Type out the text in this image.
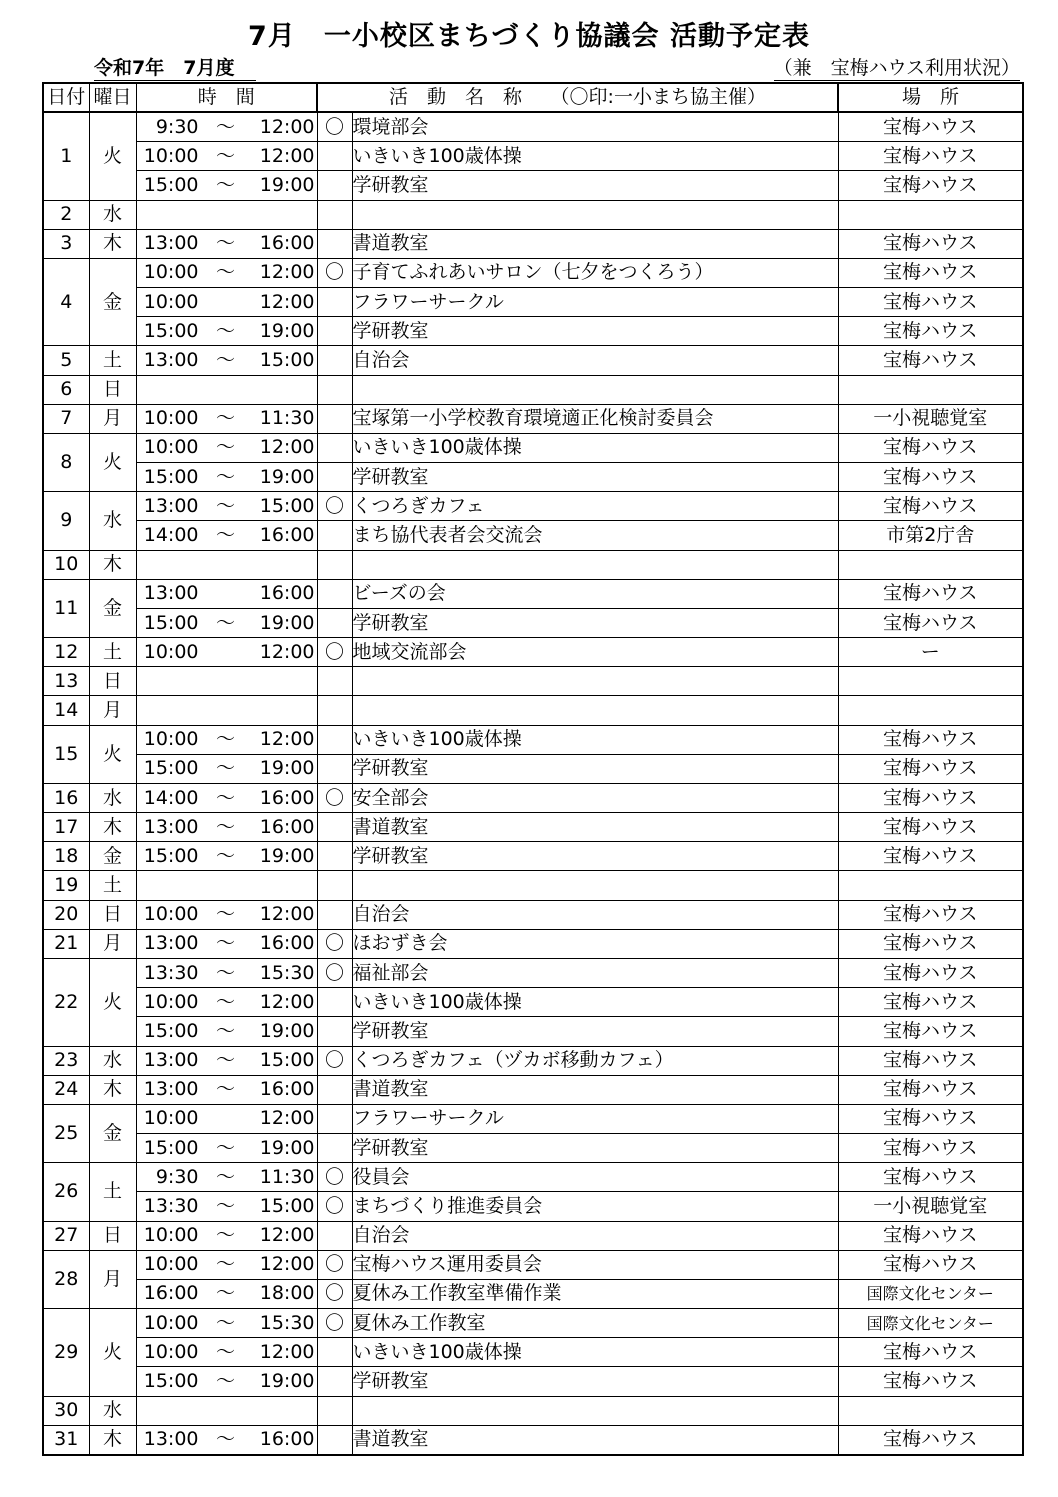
7月　一小校区まちづくり協議会 活動予定表
令和7年　7月度	（兼　宝梅ハウス利用状況）
日付	曜日	時　間	活　動　名　称　　（〇印:一小まち協主催）		場　所
1	火	9:30 ～ 12:00	〇	環境部会	宝梅ハウス
		10:00 ～ 12:00		いきいき100歳体操	宝梅ハウス
		15:00 ～ 19:00		学研教室	宝梅ハウス
2	水				
3	木	13:00 ～ 16:00		書道教室	宝梅ハウス
4	金	10:00 ～ 12:00	〇	子育てふれあいサロン（七夕をつくろう）	宝梅ハウス
		10:00 12:00		フラワーサークル	宝梅ハウス
		15:00 ～ 19:00		学研教室	宝梅ハウス
5	土	13:00 ～ 15:00		自治会	宝梅ハウス
6	日				
7	月	10:00 ～ 11:30		宝塚第一小学校教育環境適正化検討委員会	一小視聴覚室
8	火	10:00 ～ 12:00		いきいき100歳体操	宝梅ハウス
		15:00 ～ 19:00		学研教室	宝梅ハウス
9	水	13:00 ～ 15:00	〇	くつろぎカフェ	宝梅ハウス
		14:00 ～ 16:00		まち協代表者会交流会	市第2庁舎
10	木				
11	金	13:00 16:00		ビーズの会	宝梅ハウス
		15:00 ～ 19:00		学研教室	宝梅ハウス
12	土	10:00 12:00	〇	地域交流部会	ー
13	日				
14	月				
15	火	10:00 ～ 12:00		いきいき100歳体操	宝梅ハウス
		15:00 ～ 19:00		学研教室	宝梅ハウス
16	水	14:00 ～ 16:00	〇	安全部会	宝梅ハウス
17	木	13:00 ～ 16:00		書道教室	宝梅ハウス
18	金	15:00 ～ 19:00		学研教室	宝梅ハウス
19	土				
20	日	10:00 ～ 12:00		自治会	宝梅ハウス
21	月	13:00 ～ 16:00	〇	ほおずき会	宝梅ハウス
22	火	13:30 ～ 15:30	〇	福祉部会	宝梅ハウス
		10:00 ～ 12:00		いきいき100歳体操	宝梅ハウス
		15:00 ～ 19:00		学研教室	宝梅ハウス
23	水	13:00 ～ 15:00	〇	くつろぎカフェ（ヅカボ移動カフェ）	宝梅ハウス
24	木	13:00 ～ 16:00		書道教室	宝梅ハウス
25	金	10:00 12:00		フラワーサークル	宝梅ハウス
		15:00 ～ 19:00		学研教室	宝梅ハウス
26	土	9:30 ～ 11:30	〇	役員会	宝梅ハウス
		13:30 ～ 15:00	〇	まちづくり推進委員会	一小視聴覚室
27	日	10:00 ～ 12:00		自治会	宝梅ハウス
28	月	10:00 ～ 12:00	〇	宝梅ハウス運用委員会	宝梅ハウス
		16:00 ～ 18:00	〇	夏休み工作教室準備作業	国際文化センター
29	火	10:00 ～ 15:30	〇	夏休み工作教室	国際文化センター
		10:00 ～ 12:00		いきいき100歳体操	宝梅ハウス
		15:00 ～ 19:00		学研教室	宝梅ハウス
30	水				
31	木	13:00 ～ 16:00		書道教室	宝梅ハウス
